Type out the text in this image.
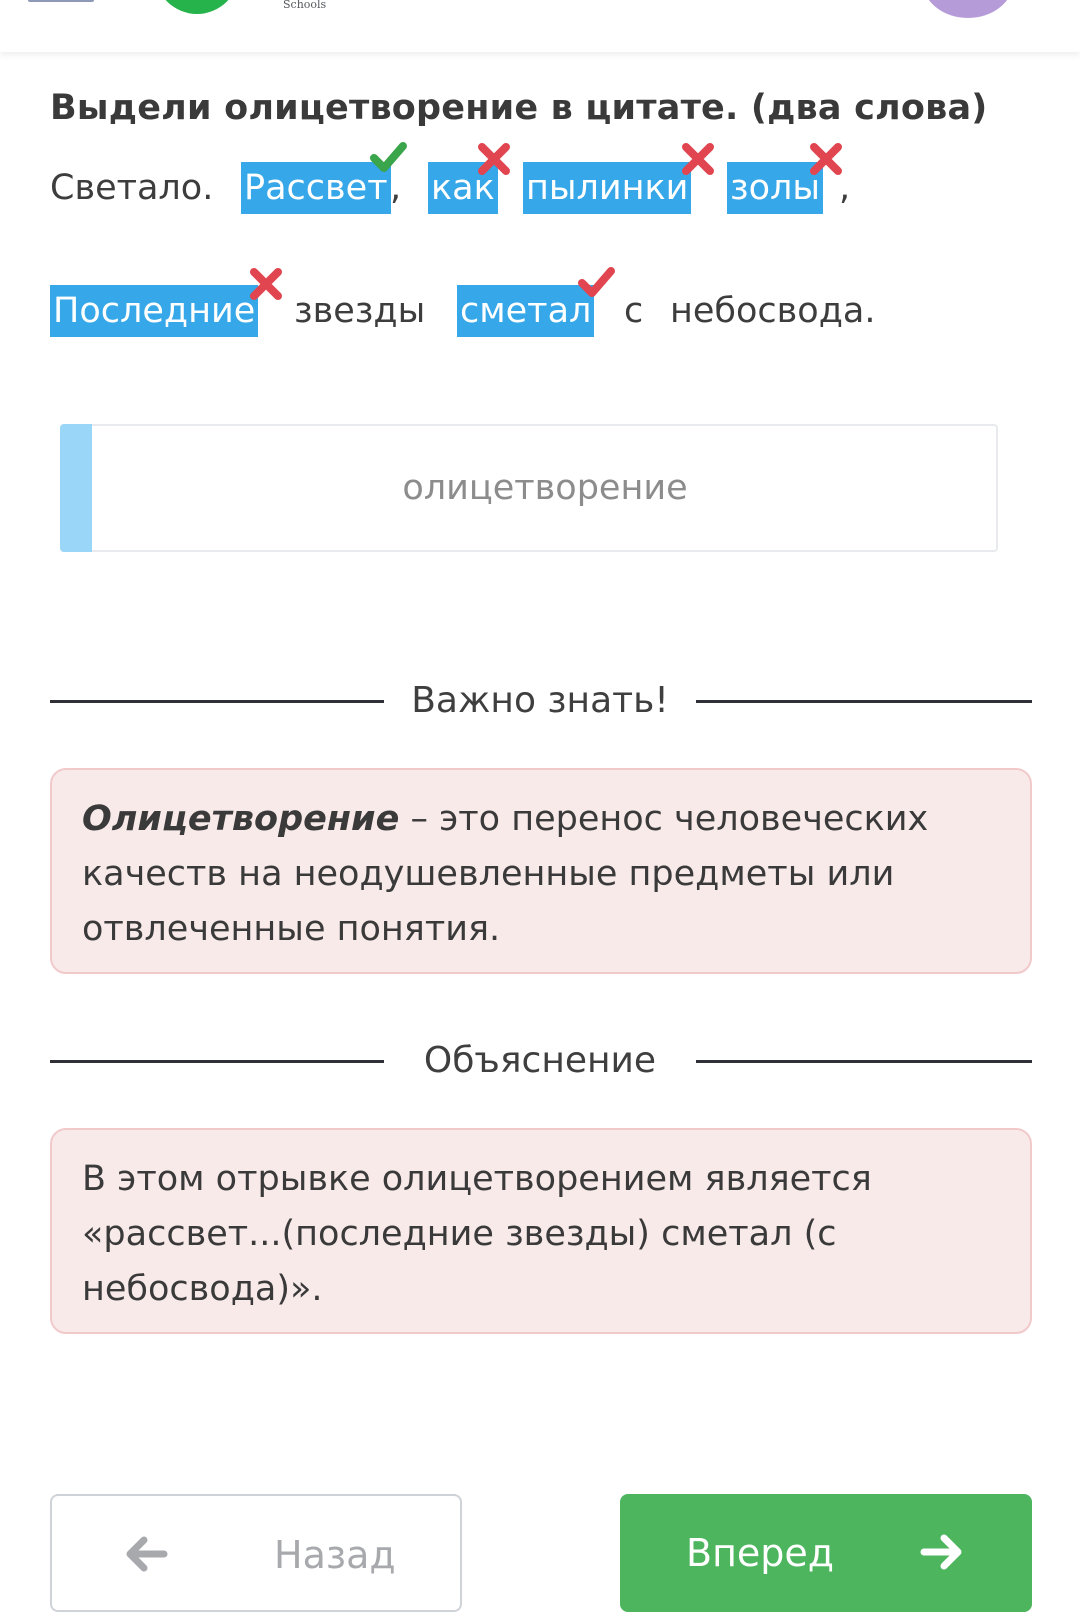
Schools
Выдели олицетворение в цитате. (два слова)
Светало. Рассвет , как пылинки золы ,
Последние звезды сметал с небосвода.
олицетворение
Важно знать!
Олицетворение – это перенос человеческих качеств на неодушевленные предметы или отвлеченные понятия.
Объяснение
В этом отрывке олицетворением является «рассвет...(последние звезды) сметал (с небосвода)».
Назад	Вперед
